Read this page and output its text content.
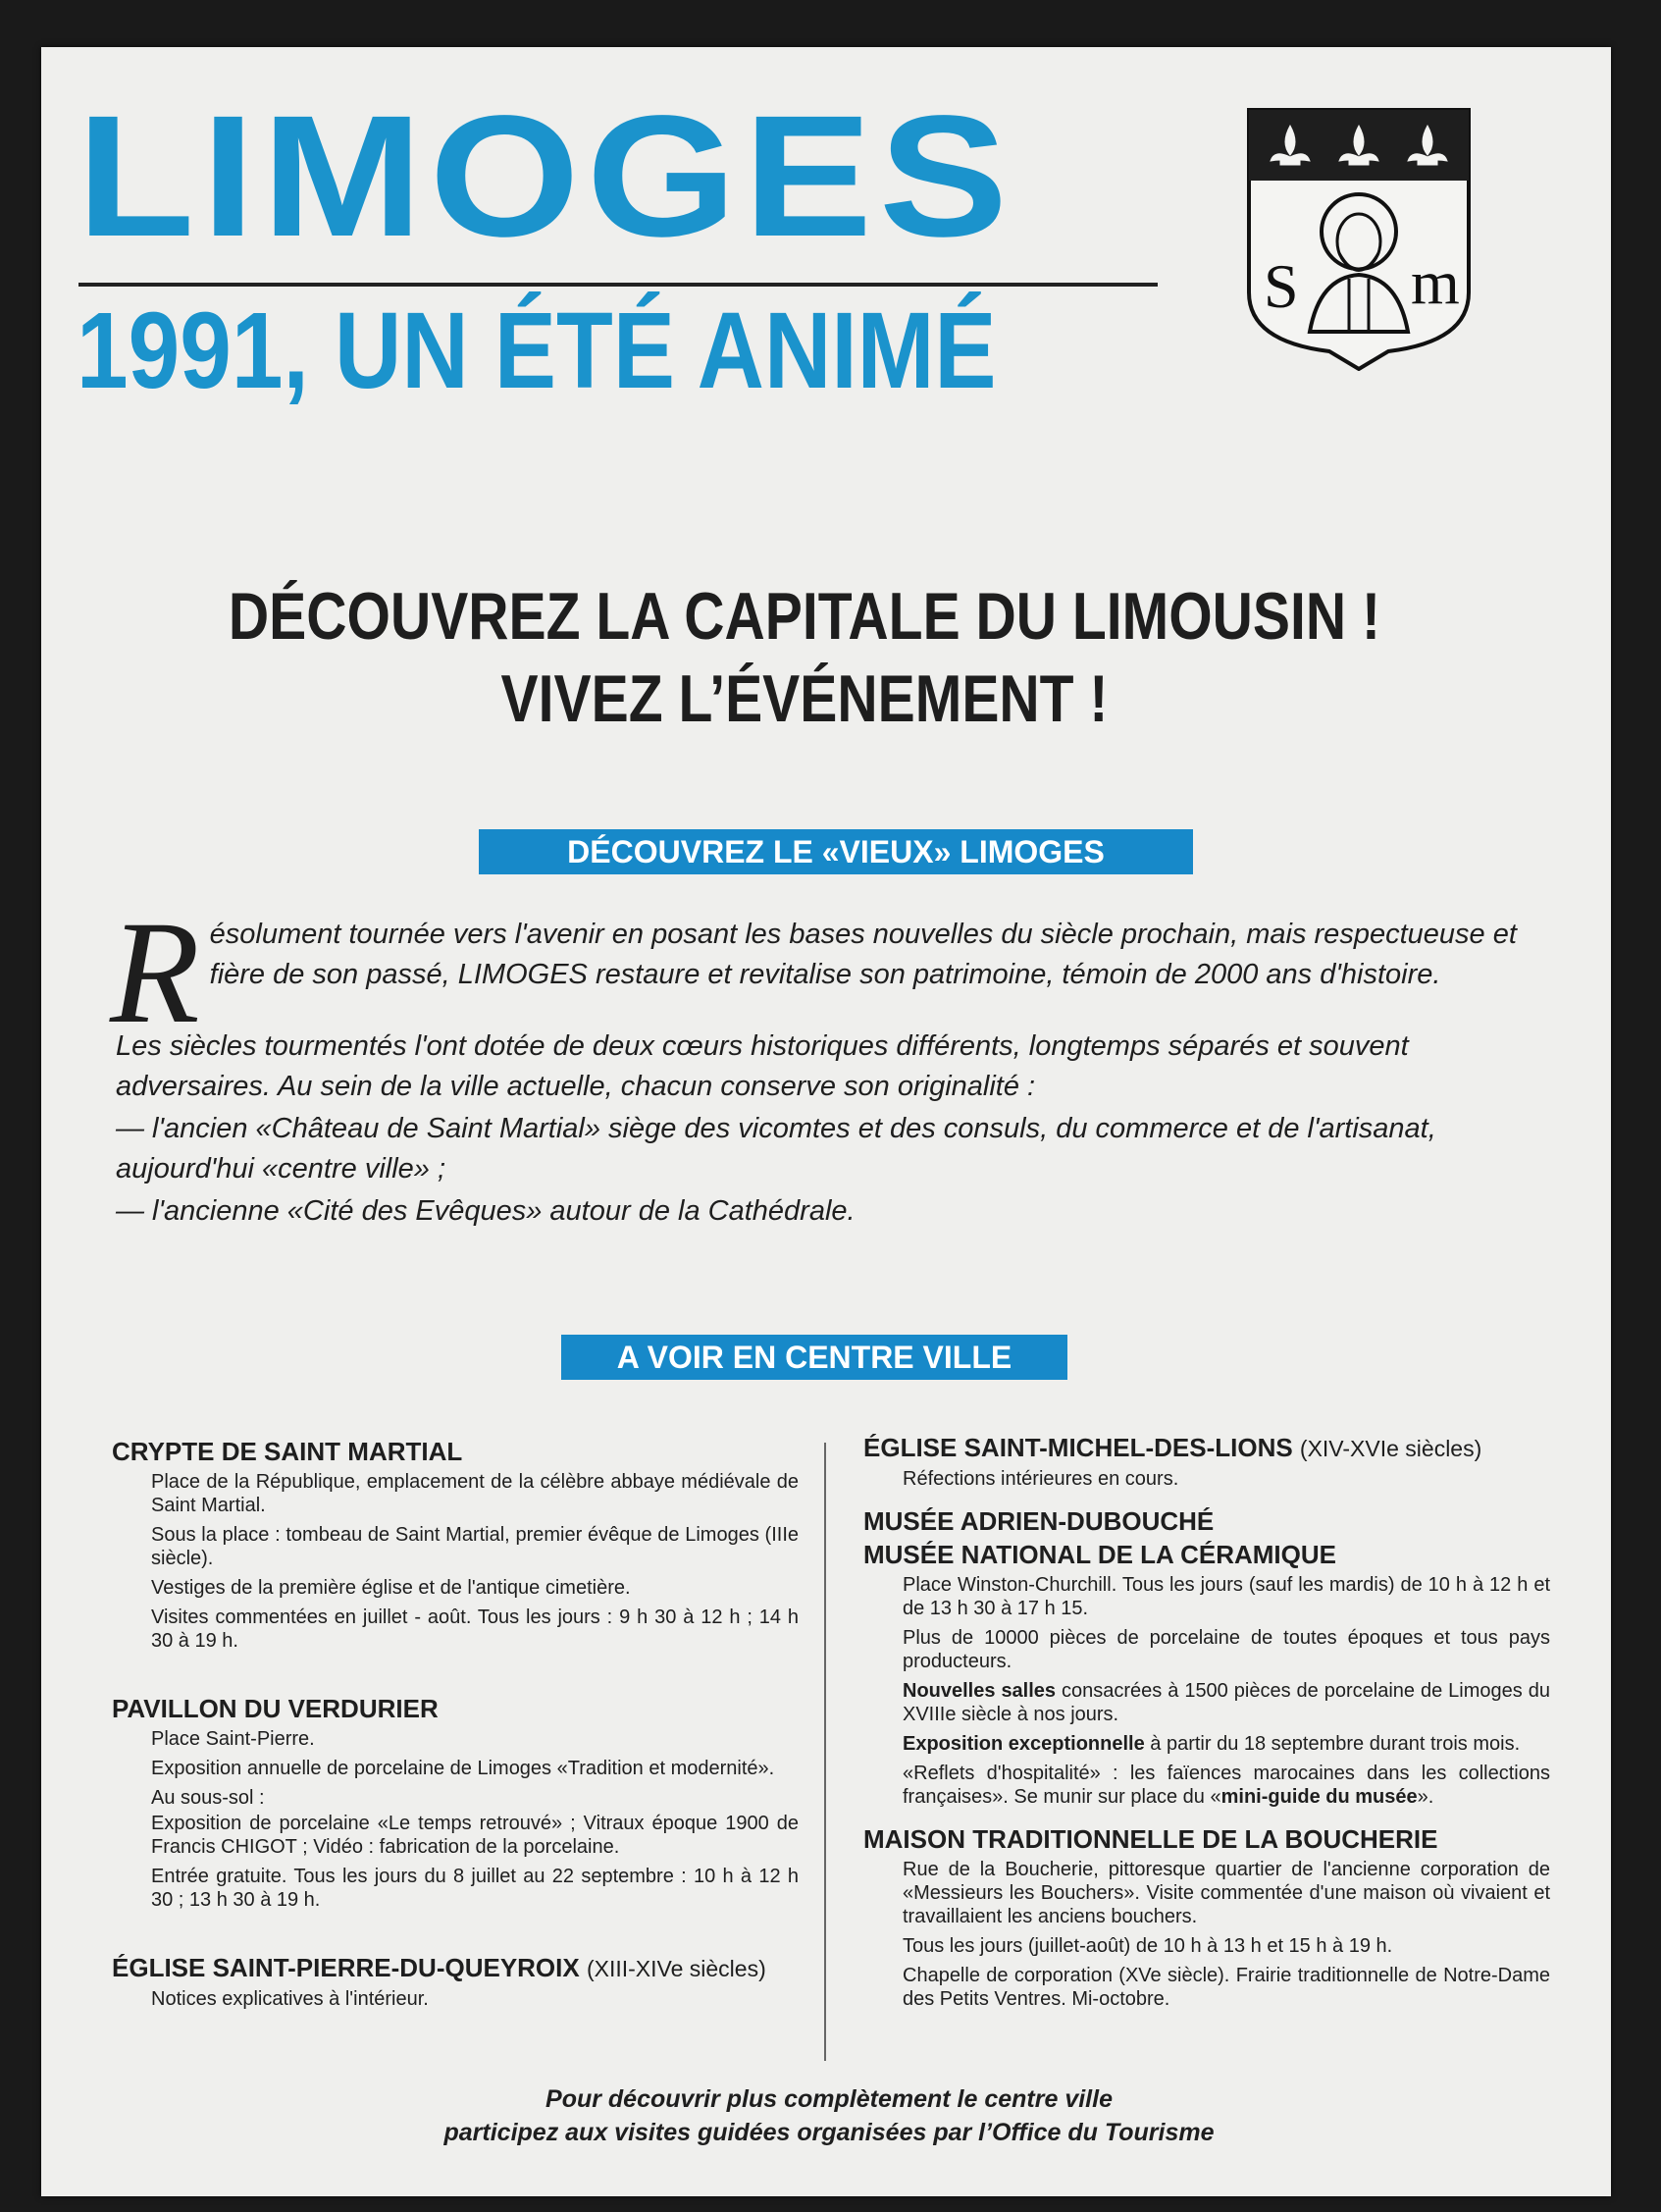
LIMOGES
1991, UN ÉTÉ ANIMÉ
S m
DÉCOUVREZ LA CAPITALE DU LIMOUSIN !
VIVEZ L’ÉVÉNEMENT !
DÉCOUVREZ LE «VIEUX» LIMOGES
R ésolument tournée vers l'avenir en posant les bases nouvelles du siècle prochain, mais respectueuse et fière de son passé, LIMOGES restaure et revitalise son patrimoine, témoin de 2000 ans d'histoire.

Les siècles tourmentés l'ont dotée de deux cœurs historiques différents, longtemps séparés et souvent adversaires. Au sein de la ville actuelle, chacun conserve son originalité :

— l'ancien «Château de Saint Martial» siège des vicomtes et des consuls, du commerce et de l'artisanat, aujourd'hui «centre ville» ;

— l'ancienne «Cité des Evêques» autour de la Cathédrale.

A VOIR EN CENTRE VILLE
CRYPTE DE SAINT MARTIAL

Place de la République, emplacement de la célèbre abbaye médiévale de Saint Martial.

Sous la place : tombeau de Saint Martial, premier évêque de Limoges (IIIe siècle).

Vestiges de la première église et de l'antique cimetière.

Visites commentées en juillet - août. Tous les jours : 9 h 30 à 12 h ; 14 h 30 à 19 h.

PAVILLON DU VERDURIER

Place Saint-Pierre.

Exposition annuelle de porcelaine de Limoges «Tradition et modernité».

Au sous-sol :

Exposition de porcelaine «Le temps retrouvé» ; Vitraux époque 1900 de Francis CHIGOT ; Vidéo : fabrication de la porcelaine.

Entrée gratuite. Tous les jours du 8 juillet au 22 septembre : 10 h à 12 h 30 ; 13 h 30 à 19 h.

ÉGLISE SAINT-PIERRE-DU-QUEYROIX (XIII-XIVe siècles)

Notices explicatives à l'intérieur.

ÉGLISE SAINT-MICHEL-DES-LIONS (XIV-XVIe siècles)

Réfections intérieures en cours.

MUSÉE ADRIEN-DUBOUCHÉ
MUSÉE NATIONAL DE LA CÉRAMIQUE

Place Winston-Churchill. Tous les jours (sauf les mardis) de 10 h à 12 h et de 13 h 30 à 17 h 15.

Plus de 10000 pièces de porcelaine de toutes époques et tous pays producteurs.

Nouvelles salles consacrées à 1500 pièces de porcelaine de Limoges du XVIIIe siècle à nos jours.

Exposition exceptionnelle à partir du 18 septembre durant trois mois.

«Reflets d'hospitalité» : les faïences marocaines dans les collections françaises». Se munir sur place du «mini-guide du musée».

MAISON TRADITIONNELLE DE LA BOUCHERIE

Rue de la Boucherie, pittoresque quartier de l'ancienne corporation de «Messieurs les Bouchers». Visite commentée d'une maison où vivaient et travaillaient les anciens bouchers.

Tous les jours (juillet-août) de 10 h à 13 h et 15 h à 19 h.

Chapelle de corporation (XVe siècle). Frairie traditionnelle de Notre-Dame des Petits Ventres. Mi-octobre.

Pour découvrir plus complètement le centre ville
participez aux visites guidées organisées par l’Office du Tourisme
